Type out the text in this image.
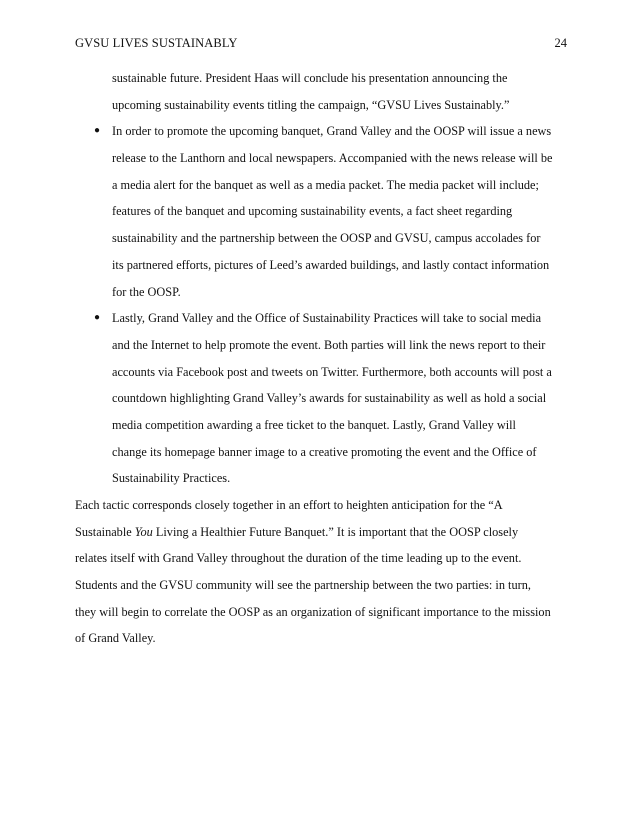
GVSU LIVES SUSTAINABLY	24
sustainable future. President Haas will conclude his presentation announcing the
upcoming sustainability events titling the campaign, “GVSU Lives Sustainably.”
● In order to promote the upcoming banquet, Grand Valley and the OOSP will issue a news
release to the Lanthorn and local newspapers. Accompanied with the news release will be
a media alert for the banquet as well as a media packet. The media packet will include;
features of the banquet and upcoming sustainability events, a fact sheet regarding
sustainability and the partnership between the OOSP and GVSU, campus accolades for
its partnered efforts, pictures of Leed’s awarded buildings, and lastly contact information
for the OOSP.
● Lastly, Grand Valley and the Office of Sustainability Practices will take to social media
and the Internet to help promote the event. Both parties will link the news report to their
accounts via Facebook post and tweets on Twitter. Furthermore, both accounts will post a
countdown highlighting Grand Valley’s awards for sustainability as well as hold a social
media competition awarding a free ticket to the banquet. Lastly, Grand Valley will
change its homepage banner image to a creative promoting the event and the Office of
Sustainability Practices.
Each tactic corresponds closely together in an effort to heighten anticipation for the “A
Sustainable You Living a Healthier Future Banquet.” It is important that the OOSP closely
relates itself with Grand Valley throughout the duration of the time leading up to the event.
Students and the GVSU community will see the partnership between the two parties: in turn,
they will begin to correlate the OOSP as an organization of significant importance to the mission
of Grand Valley.
